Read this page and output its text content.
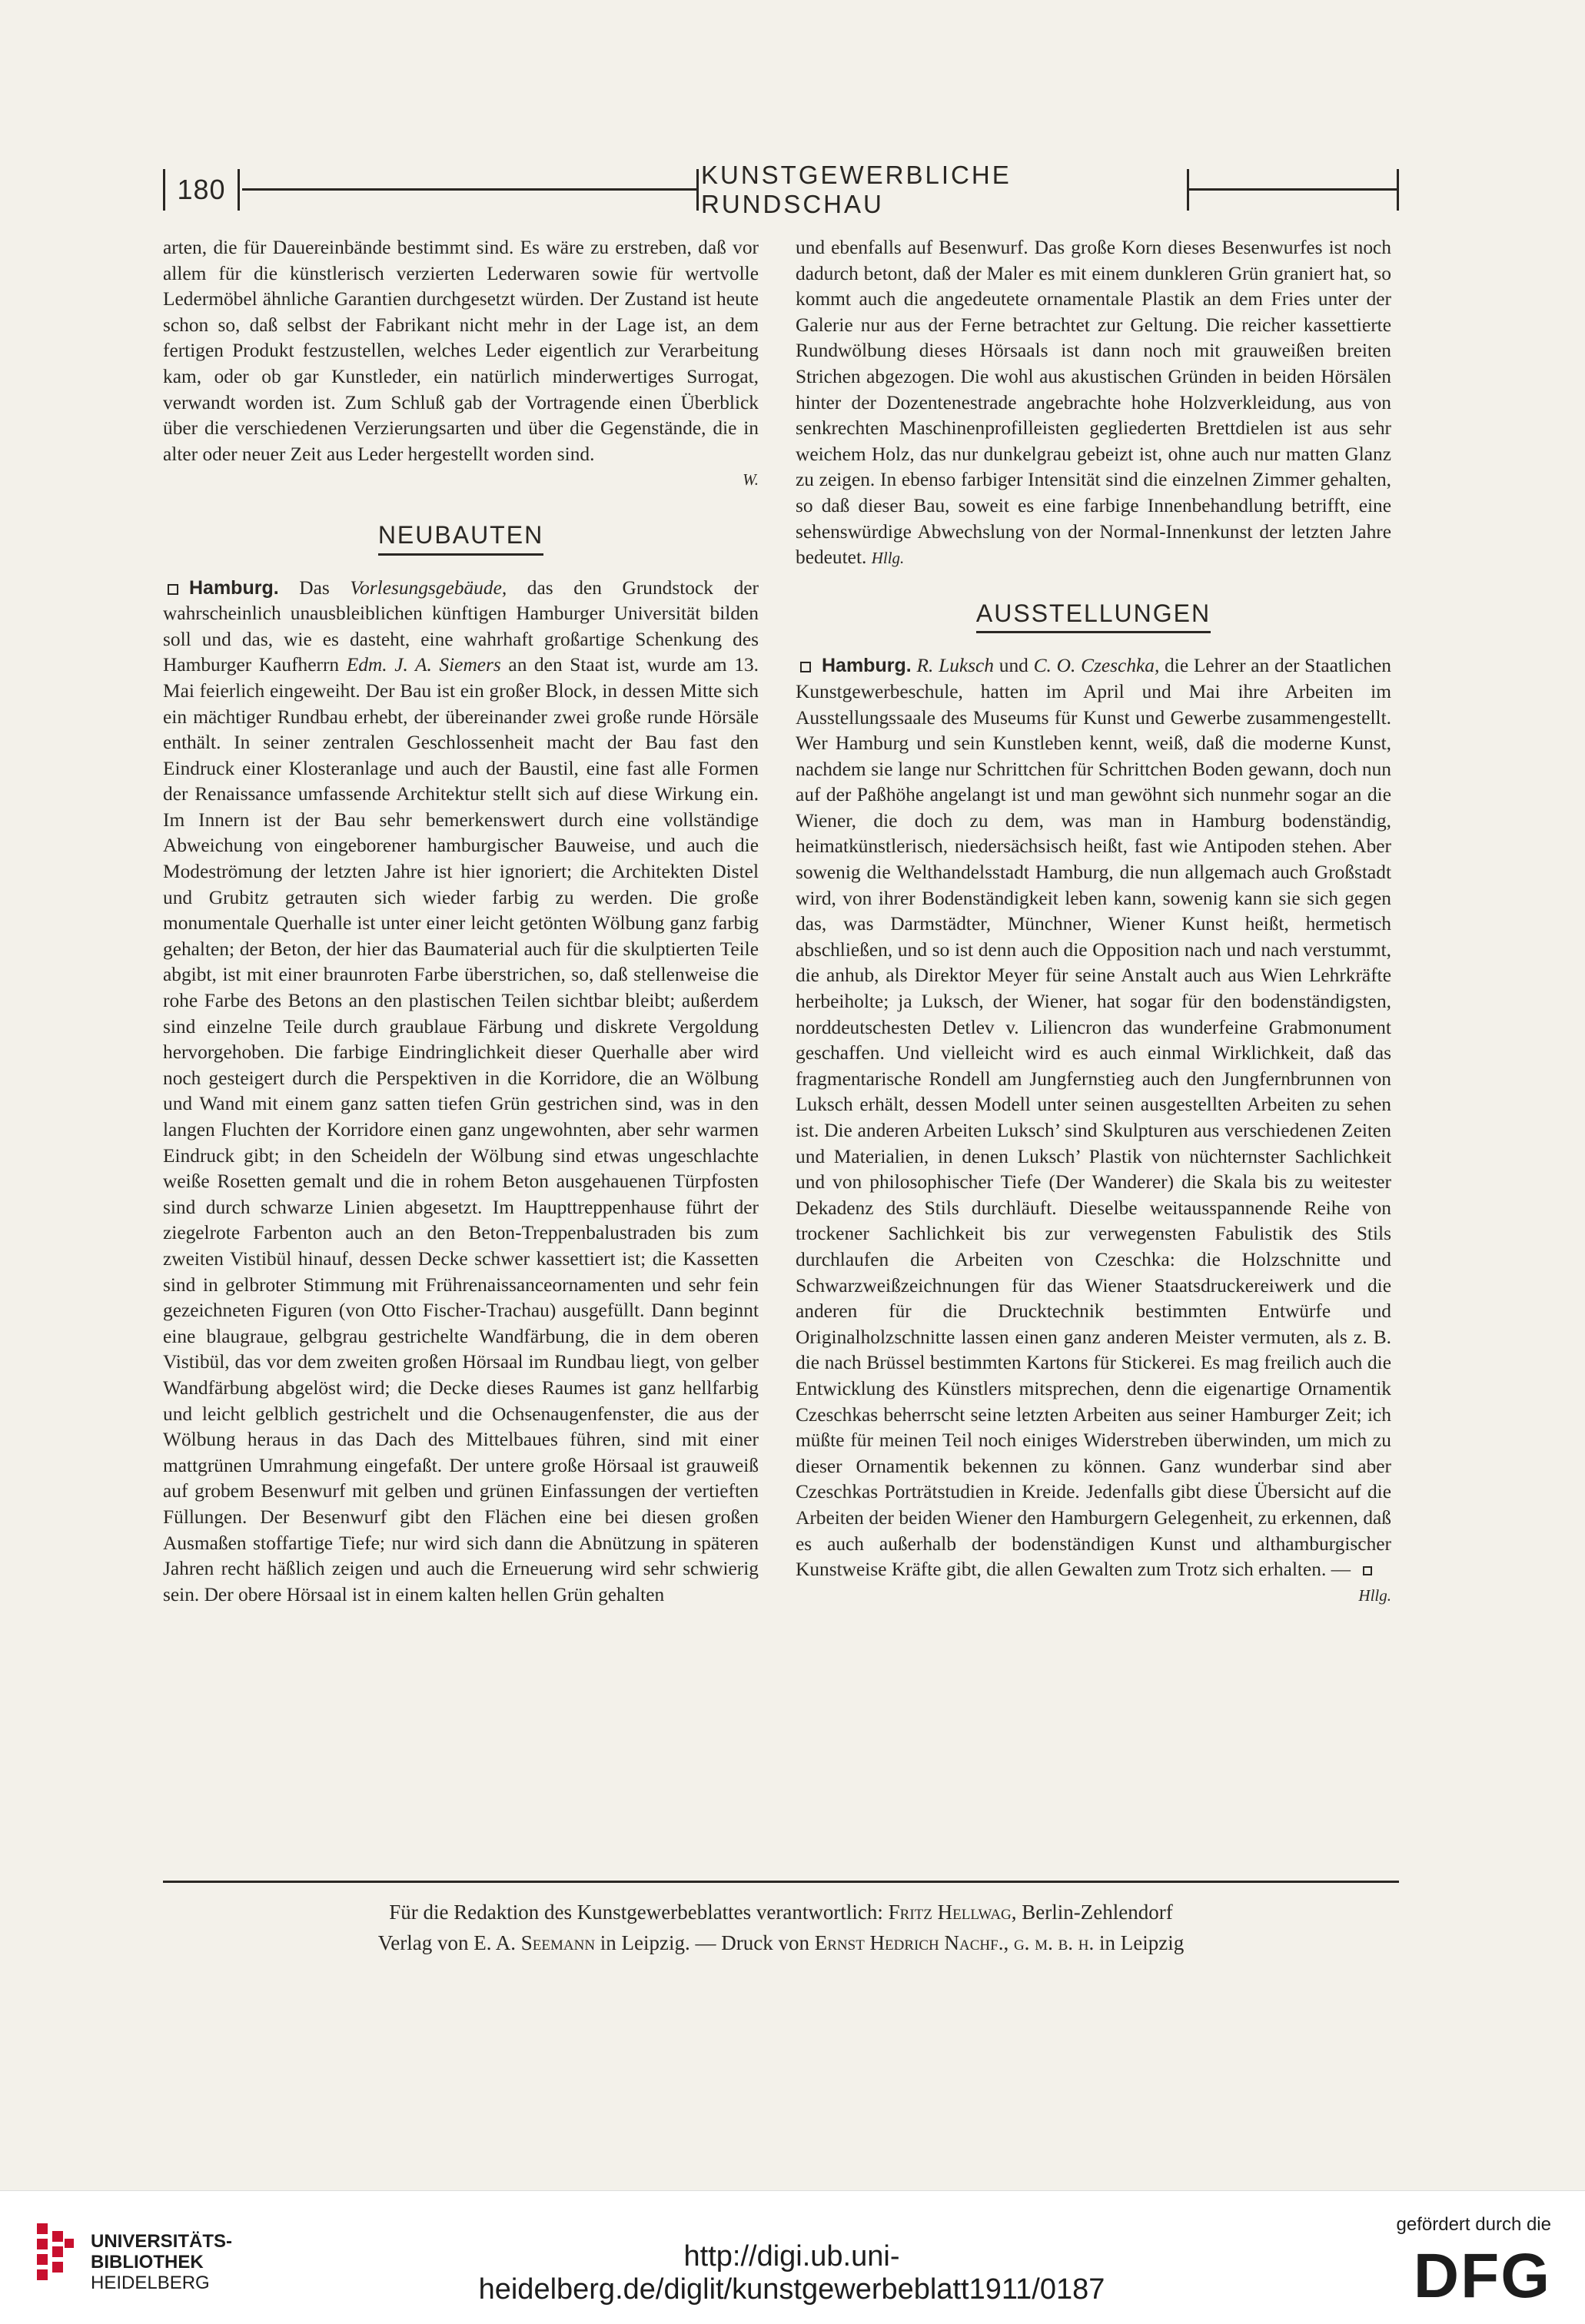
180	KUNSTGEWERBLICHE RUNDSCHAU

arten, die für Dauereinbände bestimmt sind. Es wäre zu erstreben, daß vor allem für die künstlerisch verzierten Lederwaren sowie für wertvolle Ledermöbel ähnliche Garantien durchgesetzt würden. Der Zustand ist heute schon so, daß selbst der Fabrikant nicht mehr in der Lage ist, an dem fertigen Produkt festzustellen, welches Leder eigentlich zur Verarbeitung kam, oder ob gar Kunstleder, ein natürlich minderwertiges Surrogat, verwandt worden ist. Zum Schluß gab der Vortragende einen Überblick über die verschiedenen Verzierungsarten und über die Gegenstände, die in alter oder neuer Zeit aus Leder hergestellt worden sind.

W.
NEUBAUTEN

Hamburg. Das Vorlesungsgebäude, das den Grundstock der wahrscheinlich unausbleiblichen künftigen Hamburger Universität bilden soll und das, wie es dasteht, eine wahrhaft großartige Schenkung des Hamburger Kaufherrn Edm. J. A. Siemers an den Staat ist, wurde am 13. Mai feierlich eingeweiht. Der Bau ist ein großer Block, in dessen Mitte sich ein mächtiger Rundbau erhebt, der übereinander zwei große runde Hörsäle enthält. In seiner zentralen Geschlossenheit macht der Bau fast den Eindruck einer Klosteranlage und auch der Baustil, eine fast alle Formen der Renaissance umfassende Architektur stellt sich auf diese Wirkung ein. Im Innern ist der Bau sehr bemerkenswert durch eine vollständige Abweichung von eingeborener hamburgischer Bauweise, und auch die Modeströmung der letzten Jahre ist hier ignoriert; die Architekten Distel und Grubitz getrauten sich wieder farbig zu werden. Die große monumentale Querhalle ist unter einer leicht getönten Wölbung ganz farbig gehalten; der Beton, der hier das Baumaterial auch für die skulptierten Teile abgibt, ist mit einer braunroten Farbe überstrichen, so, daß stellenweise die rohe Farbe des Betons an den plastischen Teilen sichtbar bleibt; außerdem sind einzelne Teile durch graublaue Färbung und diskrete Vergoldung hervorgehoben. Die farbige Eindringlichkeit dieser Querhalle aber wird noch gesteigert durch die Perspektiven in die Korridore, die an Wölbung und Wand mit einem ganz satten tiefen Grün gestrichen sind, was in den langen Fluchten der Korridore einen ganz ungewohnten, aber sehr warmen Eindruck gibt; in den Scheideln der Wölbung sind etwas ungeschlachte weiße Rosetten gemalt und die in rohem Beton ausgehauenen Türpfosten sind durch schwarze Linien abgesetzt. Im Haupttreppenhause führt der ziegelrote Farbenton auch an den Beton-Treppenbalustraden bis zum zweiten Vistibül hinauf, dessen Decke schwer kassettiert ist; die Kassetten sind in gelbroter Stimmung mit Frührenaissanceornamenten und sehr fein gezeichneten Figuren (von Otto Fischer-Trachau) ausgefüllt. Dann beginnt eine blaugraue, gelbgrau gestrichelte Wandfärbung, die in dem oberen Vistibül, das vor dem zweiten großen Hörsaal im Rundbau liegt, von gelber Wandfärbung abgelöst wird; die Decke dieses Raumes ist ganz hellfarbig und leicht gelblich gestrichelt und die Ochsenaugenfenster, die aus der Wölbung heraus in das Dach des Mittelbaues führen, sind mit einer mattgrünen Umrahmung eingefaßt. Der untere große Hörsaal ist grauweiß auf grobem Besenwurf mit gelben und grünen Einfassungen der vertieften Füllungen. Der Besenwurf gibt den Flächen eine bei diesen großen Ausmaßen stoffartige Tiefe; nur wird sich dann die Abnützung in späteren Jahren recht häßlich zeigen und auch die Erneuerung wird sehr schwierig sein. Der obere Hörsaal ist in einem kalten hellen Grün gehalten

und ebenfalls auf Besenwurf. Das große Korn dieses Besenwurfes ist noch dadurch betont, daß der Maler es mit einem dunkleren Grün graniert hat, so kommt auch die angedeutete ornamentale Plastik an dem Fries unter der Galerie nur aus der Ferne betrachtet zur Geltung. Die reicher kassettierte Rundwölbung dieses Hörsaals ist dann noch mit grauweißen breiten Strichen abgezogen. Die wohl aus akustischen Gründen in beiden Hörsälen hinter der Dozentenestrade angebrachte hohe Holzverkleidung, aus von senkrechten Maschinenprofilleisten gegliederten Brettdielen ist aus sehr weichem Holz, das nur dunkelgrau gebeizt ist, ohne auch nur matten Glanz zu zeigen. In ebenso farbiger Intensität sind die einzelnen Zimmer gehalten, so daß dieser Bau, soweit es eine farbige Innenbehandlung betrifft, eine sehenswürdige Abwechslung von der Normal-Innenkunst der letzten Jahre bedeutet. Hllg.

AUSSTELLUNGEN

Hamburg. R. Luksch und C. O. Czeschka, die Lehrer an der Staatlichen Kunstgewerbeschule, hatten im April und Mai ihre Arbeiten im Ausstellungssaale des Museums für Kunst und Gewerbe zusammengestellt. Wer Hamburg und sein Kunstleben kennt, weiß, daß die moderne Kunst, nachdem sie lange nur Schrittchen für Schrittchen Boden gewann, doch nun auf der Paßhöhe angelangt ist und man gewöhnt sich nunmehr sogar an die Wiener, die doch zu dem, was man in Hamburg bodenständig, heimatkünstlerisch, niedersächsisch heißt, fast wie Antipoden stehen. Aber sowenig die Welthandelsstadt Hamburg, die nun allgemach auch Großstadt wird, von ihrer Bodenständigkeit leben kann, sowenig kann sie sich gegen das, was Darmstädter, Münchner, Wiener Kunst heißt, hermetisch abschließen, und so ist denn auch die Opposition nach und nach verstummt, die anhub, als Direktor Meyer für seine Anstalt auch aus Wien Lehrkräfte herbeiholte; ja Luksch, der Wiener, hat sogar für den bodenständigsten, norddeutschesten Detlev v. Liliencron das wunderfeine Grabmonument geschaffen. Und vielleicht wird es auch einmal Wirklichkeit, daß das fragmentarische Rondell am Jungfernstieg auch den Jungfernbrunnen von Luksch erhält, dessen Modell unter seinen ausgestellten Arbeiten zu sehen ist. Die anderen Arbeiten Luksch’ sind Skulpturen aus verschiedenen Zeiten und Materialien, in denen Luksch’ Plastik von nüchternster Sachlichkeit und von philosophischer Tiefe (Der Wanderer) die Skala bis zu weitester Dekadenz des Stils durchläuft. Dieselbe weitausspannende Reihe von trockener Sachlichkeit bis zur verwegensten Fabulistik des Stils durchlaufen die Arbeiten von Czeschka: die Holzschnitte und Schwarzweißzeichnungen für das Wiener Staatsdruckereiwerk und die anderen für die Drucktechnik bestimmten Entwürfe und Originalholzschnitte lassen einen ganz anderen Meister vermuten, als z. B. die nach Brüssel bestimmten Kartons für Stickerei. Es mag freilich auch die Entwicklung des Künstlers mitsprechen, denn die eigenartige Ornamentik Czeschkas beherrscht seine letzten Arbeiten aus seiner Hamburger Zeit; ich müßte für meinen Teil noch einiges Widerstreben überwinden, um mich zu dieser Ornamentik bekennen zu können. Ganz wunderbar sind aber Czeschkas Porträtstudien in Kreide. Jedenfalls gibt diese Übersicht auf die Arbeiten der beiden Wiener den Hamburgern Gelegenheit, zu erkennen, daß es auch außerhalb der bodenständigen Kunst und althamburgischer Kunstweise Kräfte gibt, die allen Gewalten zum Trotz sich erhalten. —

Hllg.
Für die Redaktion des Kunstgewerbeblattes verantwortlich: Fritz Hellwag, Berlin-Zehlendorf
Verlag von E. A. Seemann in Leipzig. — Druck von Ernst Hedrich Nachf., g. m. b. h. in Leipzig
UNIVERSITÄTS-
BIBLIOTHEK
HEIDELBERG
http://digi.ub.uni-heidelberg.de/diglit/kunstgewerbeblatt1911/0187
gefördert durch die
DFG
